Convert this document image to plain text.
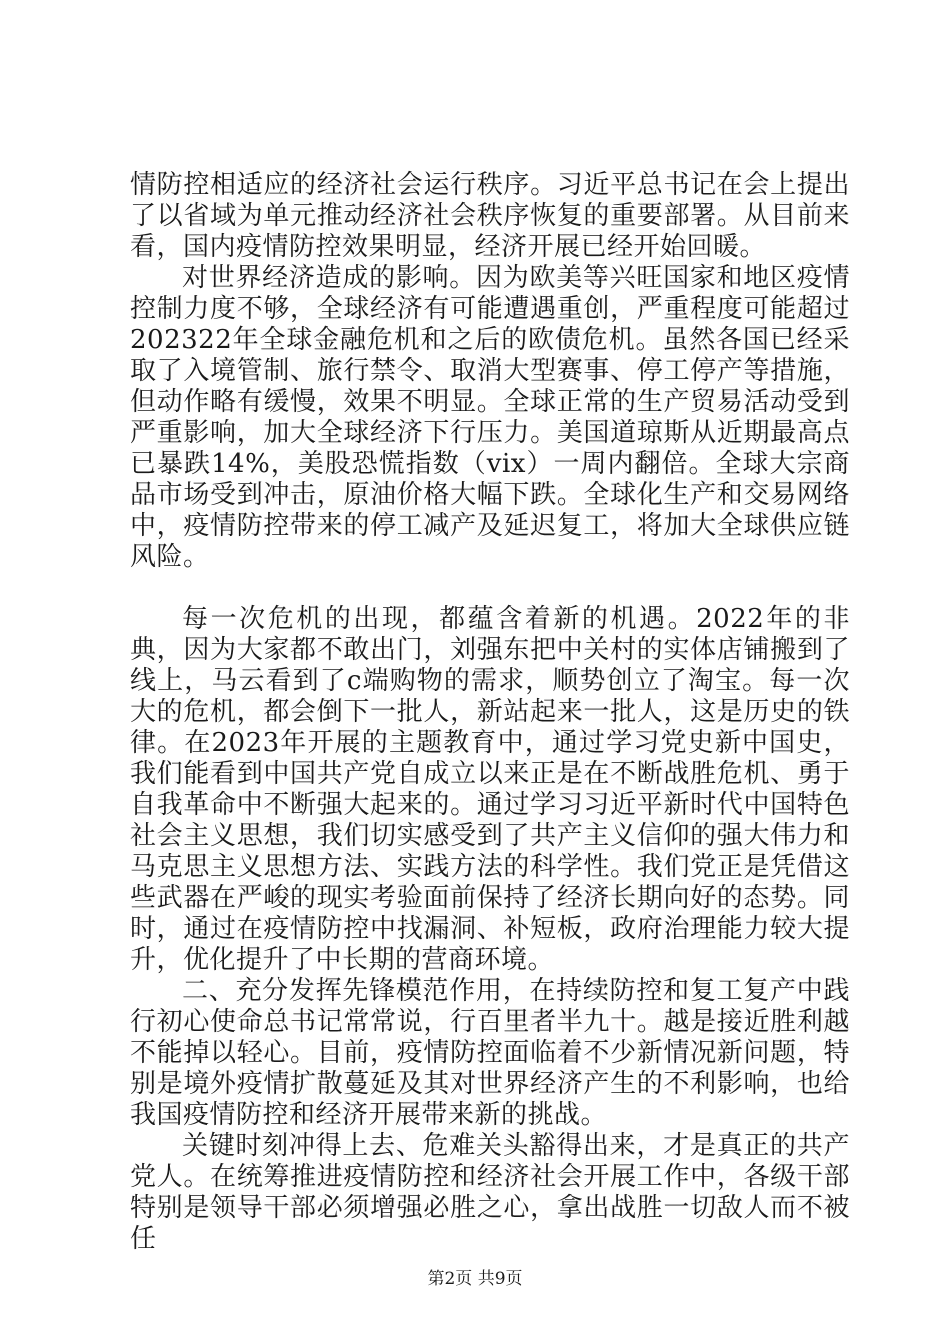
情防控相适应的经济社会运行秩序。习近平总书记在会上提出了以省域为单元推动经济社会秩序恢复的重要部署。从目前来看，国内疫情防控效果明显，经济开展已经开始回暖。

对世界经济造成的影响。因为欧美等兴旺国家和地区疫情控制力度不够，全球经济有可能遭遇重创，严重程度可能超过202322年全球金融危机和之后的欧债危机。虽然各国已经采取了入境管制、旅行禁令、取消大型赛事、停工停产等措施，但动作略有缓慢，效果不明显。全球正常的生产贸易活动受到严重影响，加大全球经济下行压力。美国道琼斯从近期最高点已暴跌14%，美股恐慌指数（vix）一周内翻倍。全球大宗商品市场受到冲击，原油价格大幅下跌。全球化生产和交易网络中，疫情防控带来的停工减产及延迟复工，将加大全球供应链风险。

每一次危机的出现，都蕴含着新的机遇。2022年的非典，因为大家都不敢出门，刘强东把中关村的实体店铺搬到了线上，马云看到了c端购物的需求，顺势创立了淘宝。每一次大的危机，都会倒下一批人，新站起来一批人，这是历史的铁律。在2023年开展的主题教育中，通过学习党史新中国史，我们能看到中国共产党自成立以来正是在不断战胜危机、勇于自我革命中不断强大起来的。通过学习习近平新时代中国特色社会主义思想，我们切实感受到了共产主义信仰的强大伟力和马克思主义思想方法、实践方法的科学性。我们党正是凭借这些武器在严峻的现实考验面前保持了经济长期向好的态势。同时，通过在疫情防控中找漏洞、补短板，政府治理能力较大提升，优化提升了中长期的营商环境。

二、充分发挥先锋模范作用，在持续防控和复工复产中践行初心使命总书记常常说，行百里者半九十。越是接近胜利越不能掉以轻心。目前，疫情防控面临着不少新情况新问题，特别是境外疫情扩散蔓延及其对世界经济产生的不利影响，也给我国疫情防控和经济开展带来新的挑战。

关键时刻冲得上去、危难关头豁得出来，才是真正的共产党人。在统筹推进疫情防控和经济社会开展工作中，各级干部特别是领导干部必须增强必胜之心，拿出战胜一切敌人而不被任

第2页 共9页
